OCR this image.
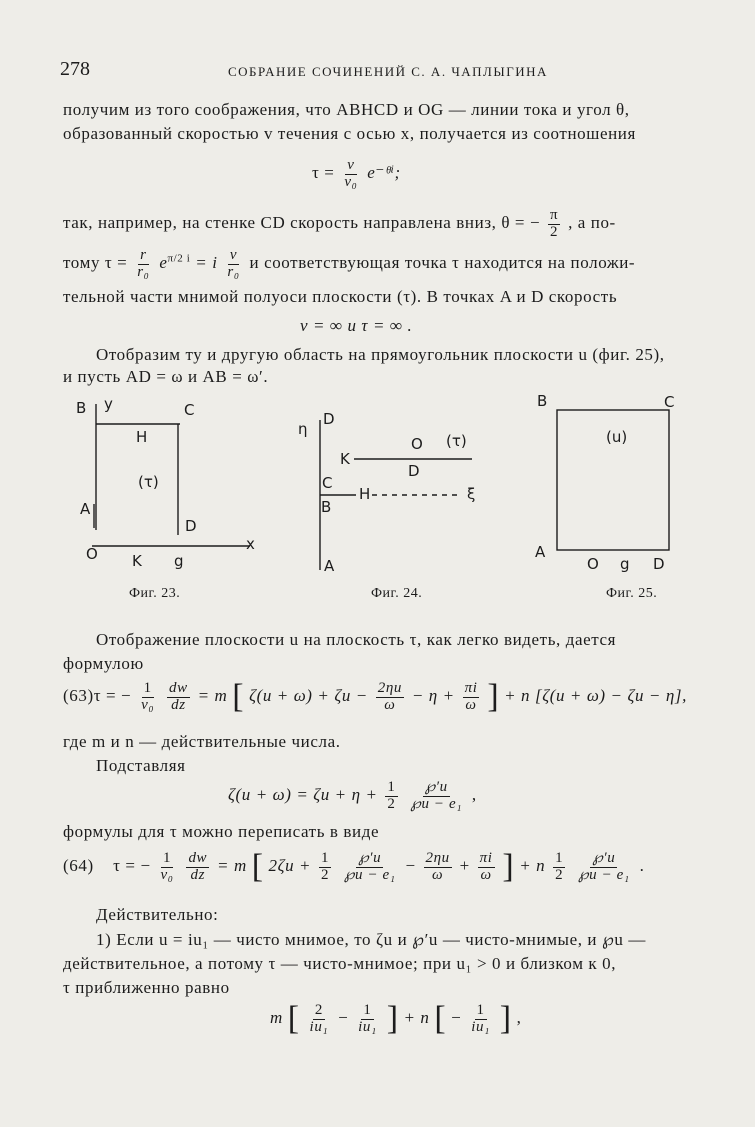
278	СОБРАНИЕ СОЧИНЕНИЙ С. А. ЧАПЛЫГИНА
получим из того соображения, что ABHCD и OG — линии тока и угол θ,
образованный скоростью v течения с осью x, получается из соотношения
$\tau = \frac{v}{\text{v₀}}$ e⁻ᶿⁱ;
так, например, на стенке CD скорость направлена вниз, θ = − $\frac{\pi}{2}$ , а по-
тому $\tau = \frac{r}{\text{r₀}} e^{\pi/2 i} = i \frac{v}{\text{r₀}}$ и соответствующая точка τ находится на положи-
тельной части мнимой полуоси плоскости (τ). В точках A и D скорость
v = ∞ и τ = ∞ .
Отобразим ту и другую область на прямоугольник плоскости u (фиг. 25),
и пусть AD = ω и AB = ω′.
B y	C
H
(τ)
A
D
O K g
x
Фиг. 23.
η
D
O (τ)
K
D
C
B
H	ξ
A
Фиг. 24.
B	C
(u)
A
O g D
Фиг. 25.
Отображение плоскости u на плоскость τ, как легко видеть, дается
формулою
(63)τ = − $\frac{1}{\text{v₀}}$
$\frac{dw}{dz} = m$ [ $\zeta(u + \omega) + \zeta u - \frac{2\eta u}{\omega} - \eta + \frac{\pi i}{\omega}$ ] + n [ζ(u + ω) − ζu − η],
где m и n — действительные числа.
Подставляя
$\zeta(u + \omega) = \zeta u + \eta + \frac{1}{2}$
$\frac{℘'u}{\text{℘u − e₁}}$ ,
формулы для τ можно переписать в виде
(64) τ = − $\frac{1}{\text{v₀}}$
$\frac{dw}{dz} = m$ [ $2\zeta u + \frac{1}{2}$
$\frac{℘'u}{\text{℘u − e₁}} - \frac{2\eta u}{\omega} + \frac{\pi i}{\omega}$ ] + n $\frac{1}{2}$
$\frac{℘'u}{\text{℘u − e₁}}$ .
Действительно:
1) Если u = iu₁ — чисто мнимое, то ζu и ℘′u — чисто-мнимые, и ℘u —
действительное, а потому τ — чисто-мнимое; при u₁ > 0 и близком к 0,
τ приближенно равно
m [ $\frac{2}{\text{iu₁}} - \frac{1}{\text{iu₁}}$ ] + n [ − $\frac{1}{\text{iu₁}}$ ] ,
